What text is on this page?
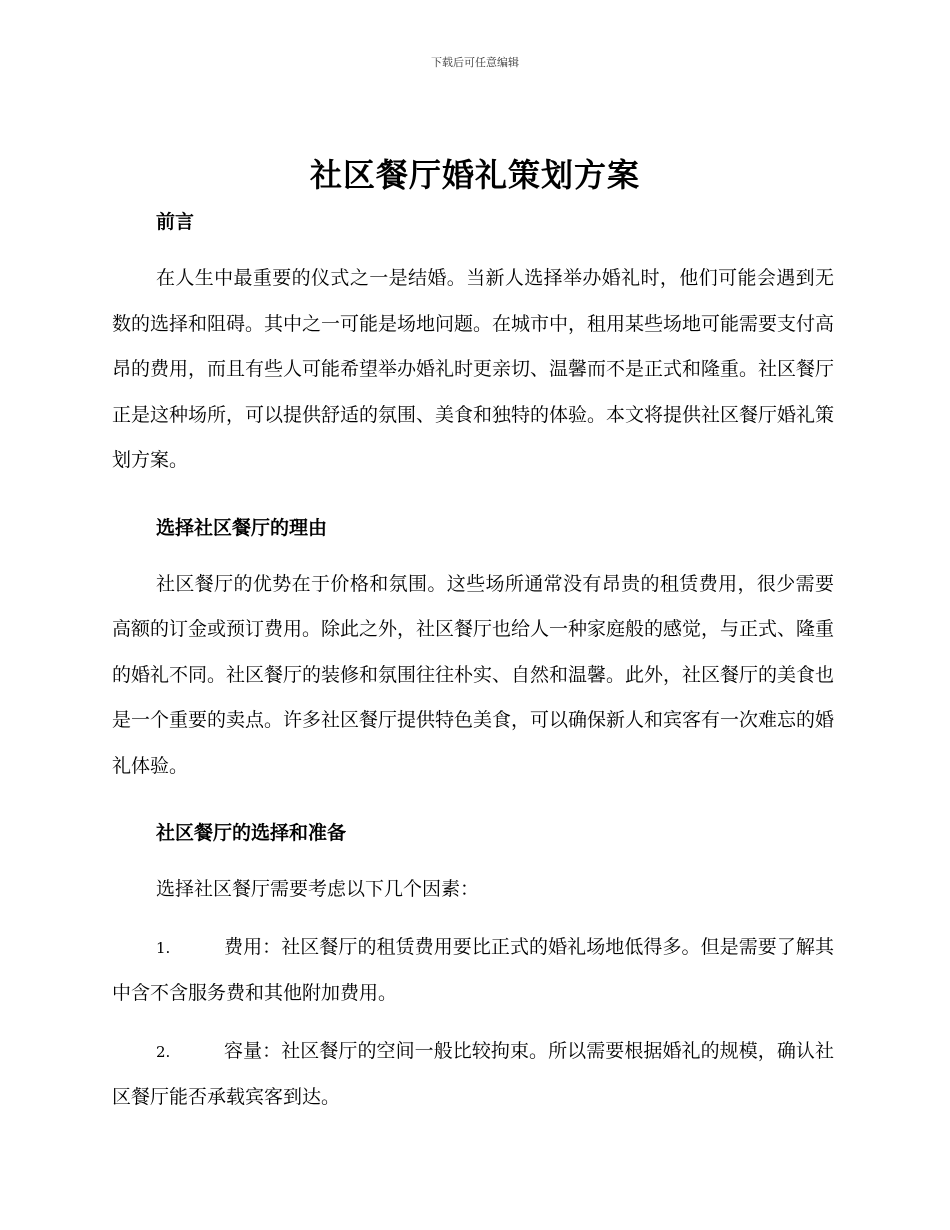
下载后可任意编辑
社区餐厅婚礼策划方案

前言

在人生中最重要的仪式之一是结婚。当新人选择举办婚礼时，他们可能会遇到无数的选择和阻碍。其中之一可能是场地问题。在城市中，租用某些场地可能需要支付高昂的费用，而且有些人可能希望举办婚礼时更亲切、温馨而不是正式和隆重。社区餐厅正是这种场所，可以提供舒适的氛围、美食和独特的体验。本文将提供社区餐厅婚礼策划方案。

选择社区餐厅的理由

社区餐厅的优势在于价格和氛围。这些场所通常没有昂贵的租赁费用，很少需要高额的订金或预订费用。除此之外，社区餐厅也给人一种家庭般的感觉，与正式、隆重的婚礼不同。社区餐厅的装修和氛围往往朴实、自然和温馨。此外，社区餐厅的美食也是一个重要的卖点。许多社区餐厅提供特色美食，可以确保新人和宾客有一次难忘的婚礼体验。

社区餐厅的选择和准备

选择社区餐厅需要考虑以下几个因素：

1.	费用：社区餐厅的租赁费用要比正式的婚礼场地低得多。但是需要了解其中含不含服务费和其他附加费用。

2.	容量：社区餐厅的空间一般比较拘束。所以需要根据婚礼的规模，确认社区餐厅能否承载宾客到达。
